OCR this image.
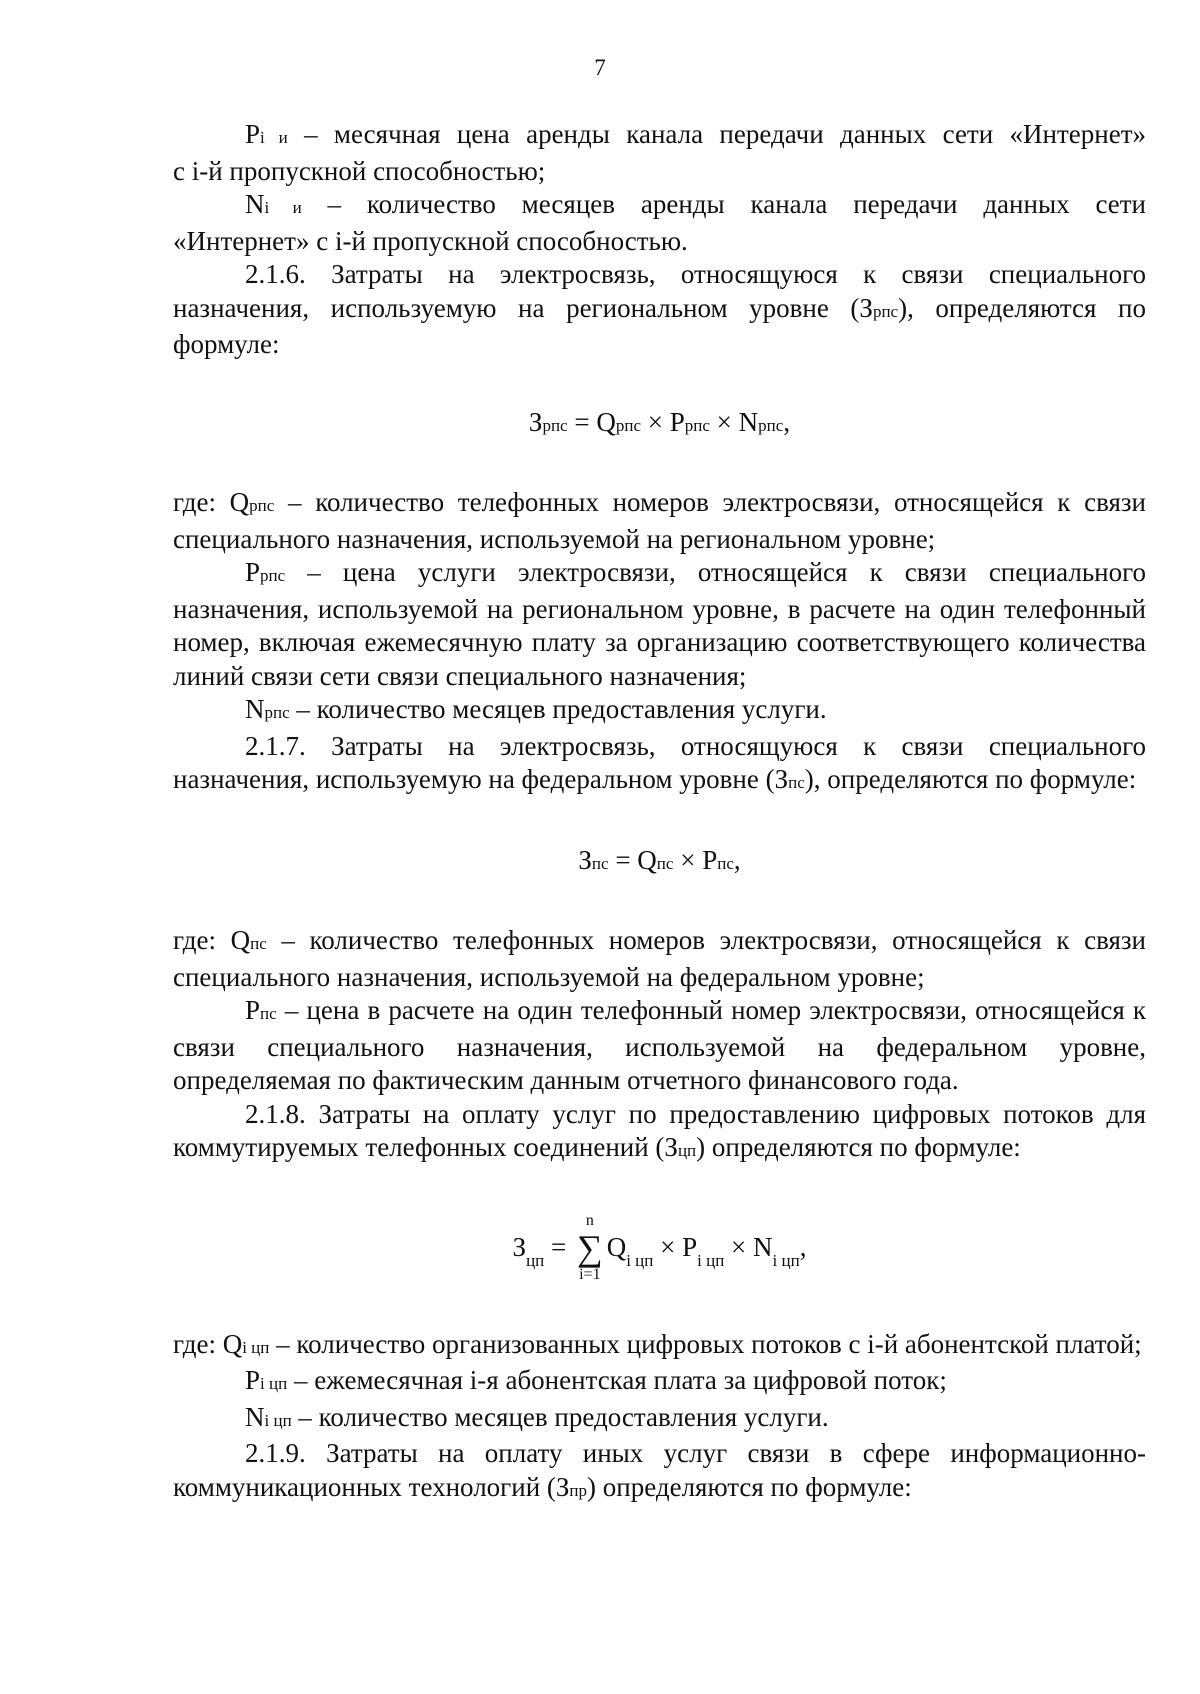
7

Pi и – месячная цена аренды канала передачи данных сети «Интернет»

с i-й пропускной способностью;

Ni и – количество месяцев аренды канала передачи данных сети

«Интернет» с i-й пропускной способностью.

2.1.6. Затраты на электросвязь, относящуюся к связи специального назначения, используемую на региональном уровне (Зрпс), определяются по формуле:

Зрпс = Qрпс × Pрпс × Nрпс,

где: Qрпс – количество телефонных номеров электросвязи, относящейся к связи специального назначения, используемой на региональном уровне;

Pрпс – цена услуги электросвязи, относящейся к связи специального назначения, используемой на региональном уровне, в расчете на один телефонный номер, включая ежемесячную плату за организацию соответствующего количества линий связи сети связи специального назначения;

Nрпс – количество месяцев предоставления услуги.

2.1.7. Затраты на электросвязь, относящуюся к связи специального назначения, используемую на федеральном уровне (Зпс), определяются по формуле:

Зпс = Qпс × Pпс,

где: Qпс – количество телефонных номеров электросвязи, относящейся к связи специального назначения, используемой на федеральном уровне;

Pпс – цена в расчете на один телефонный номер электросвязи, относящейся к связи специального назначения, используемой на федеральном уровне, определяемая по фактическим данным отчетного финансового года.

2.1.8. Затраты на оплату услуг по предоставлению цифровых потоков для коммутируемых телефонных соединений (Зцп) определяются по формуле:

З цп =
n
∑
i=1
Q i цп × P i цп × N i цп ,

где: Qi цп – количество организованных цифровых потоков с i-й абонентской платой;

Pi цп – ежемесячная i-я абонентская плата за цифровой поток;

Ni цп – количество месяцев предоставления услуги.

2.1.9. Затраты на оплату иных услуг связи в сфере информационно-коммуникационных технологий (Зпр) определяются по формуле:
